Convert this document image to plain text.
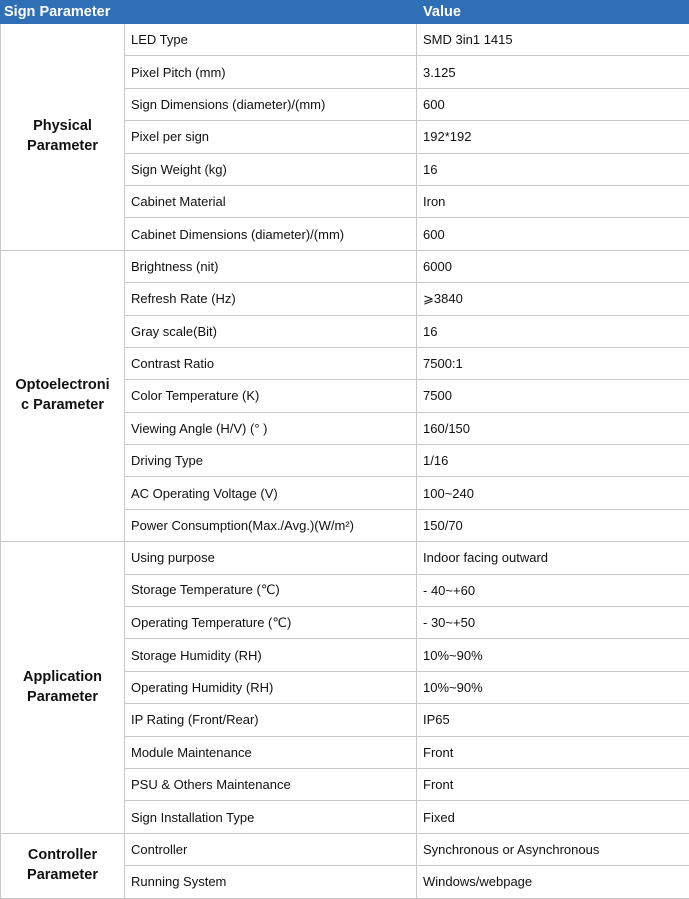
Sign Parameter		Value

Physical
Parameter	LED Type	SMD 3in1 1415
	Pixel Pitch (mm)	3.125
	Sign Dimensions (diameter)/(mm)	600
	Pixel per sign	192*192
	Sign Weight (kg)	16
	Cabinet Material	Iron
	Cabinet Dimensions (diameter)/(mm)	600

Optoelectroni
c Parameter	Brightness (nit)	6000
	Refresh Rate (Hz)	⩾3840
	Gray scale(Bit)	16
	Contrast Ratio	7500:1
	Color Temperature (K)	7500
	Viewing Angle (H/V) (° )	160/150
	Driving Type	1/16
	AC Operating Voltage (V)	100~240
	Power Consumption(Max./Avg.)(W/m²)	150/70

Application
Parameter	Using purpose	Indoor facing outward
	Storage Temperature (℃)	- 40~+60
	Operating Temperature (℃)	- 30~+50
	Storage Humidity (RH)	10%~90%
	Operating Humidity (RH)	10%~90%
	IP Rating (Front/Rear)	IP65
	Module Maintenance	Front
	PSU & Others Maintenance	Front
	Sign Installation Type	Fixed

Controller
Parameter	Controller	Synchronous or Asynchronous
	Running System	Windows/webpage
